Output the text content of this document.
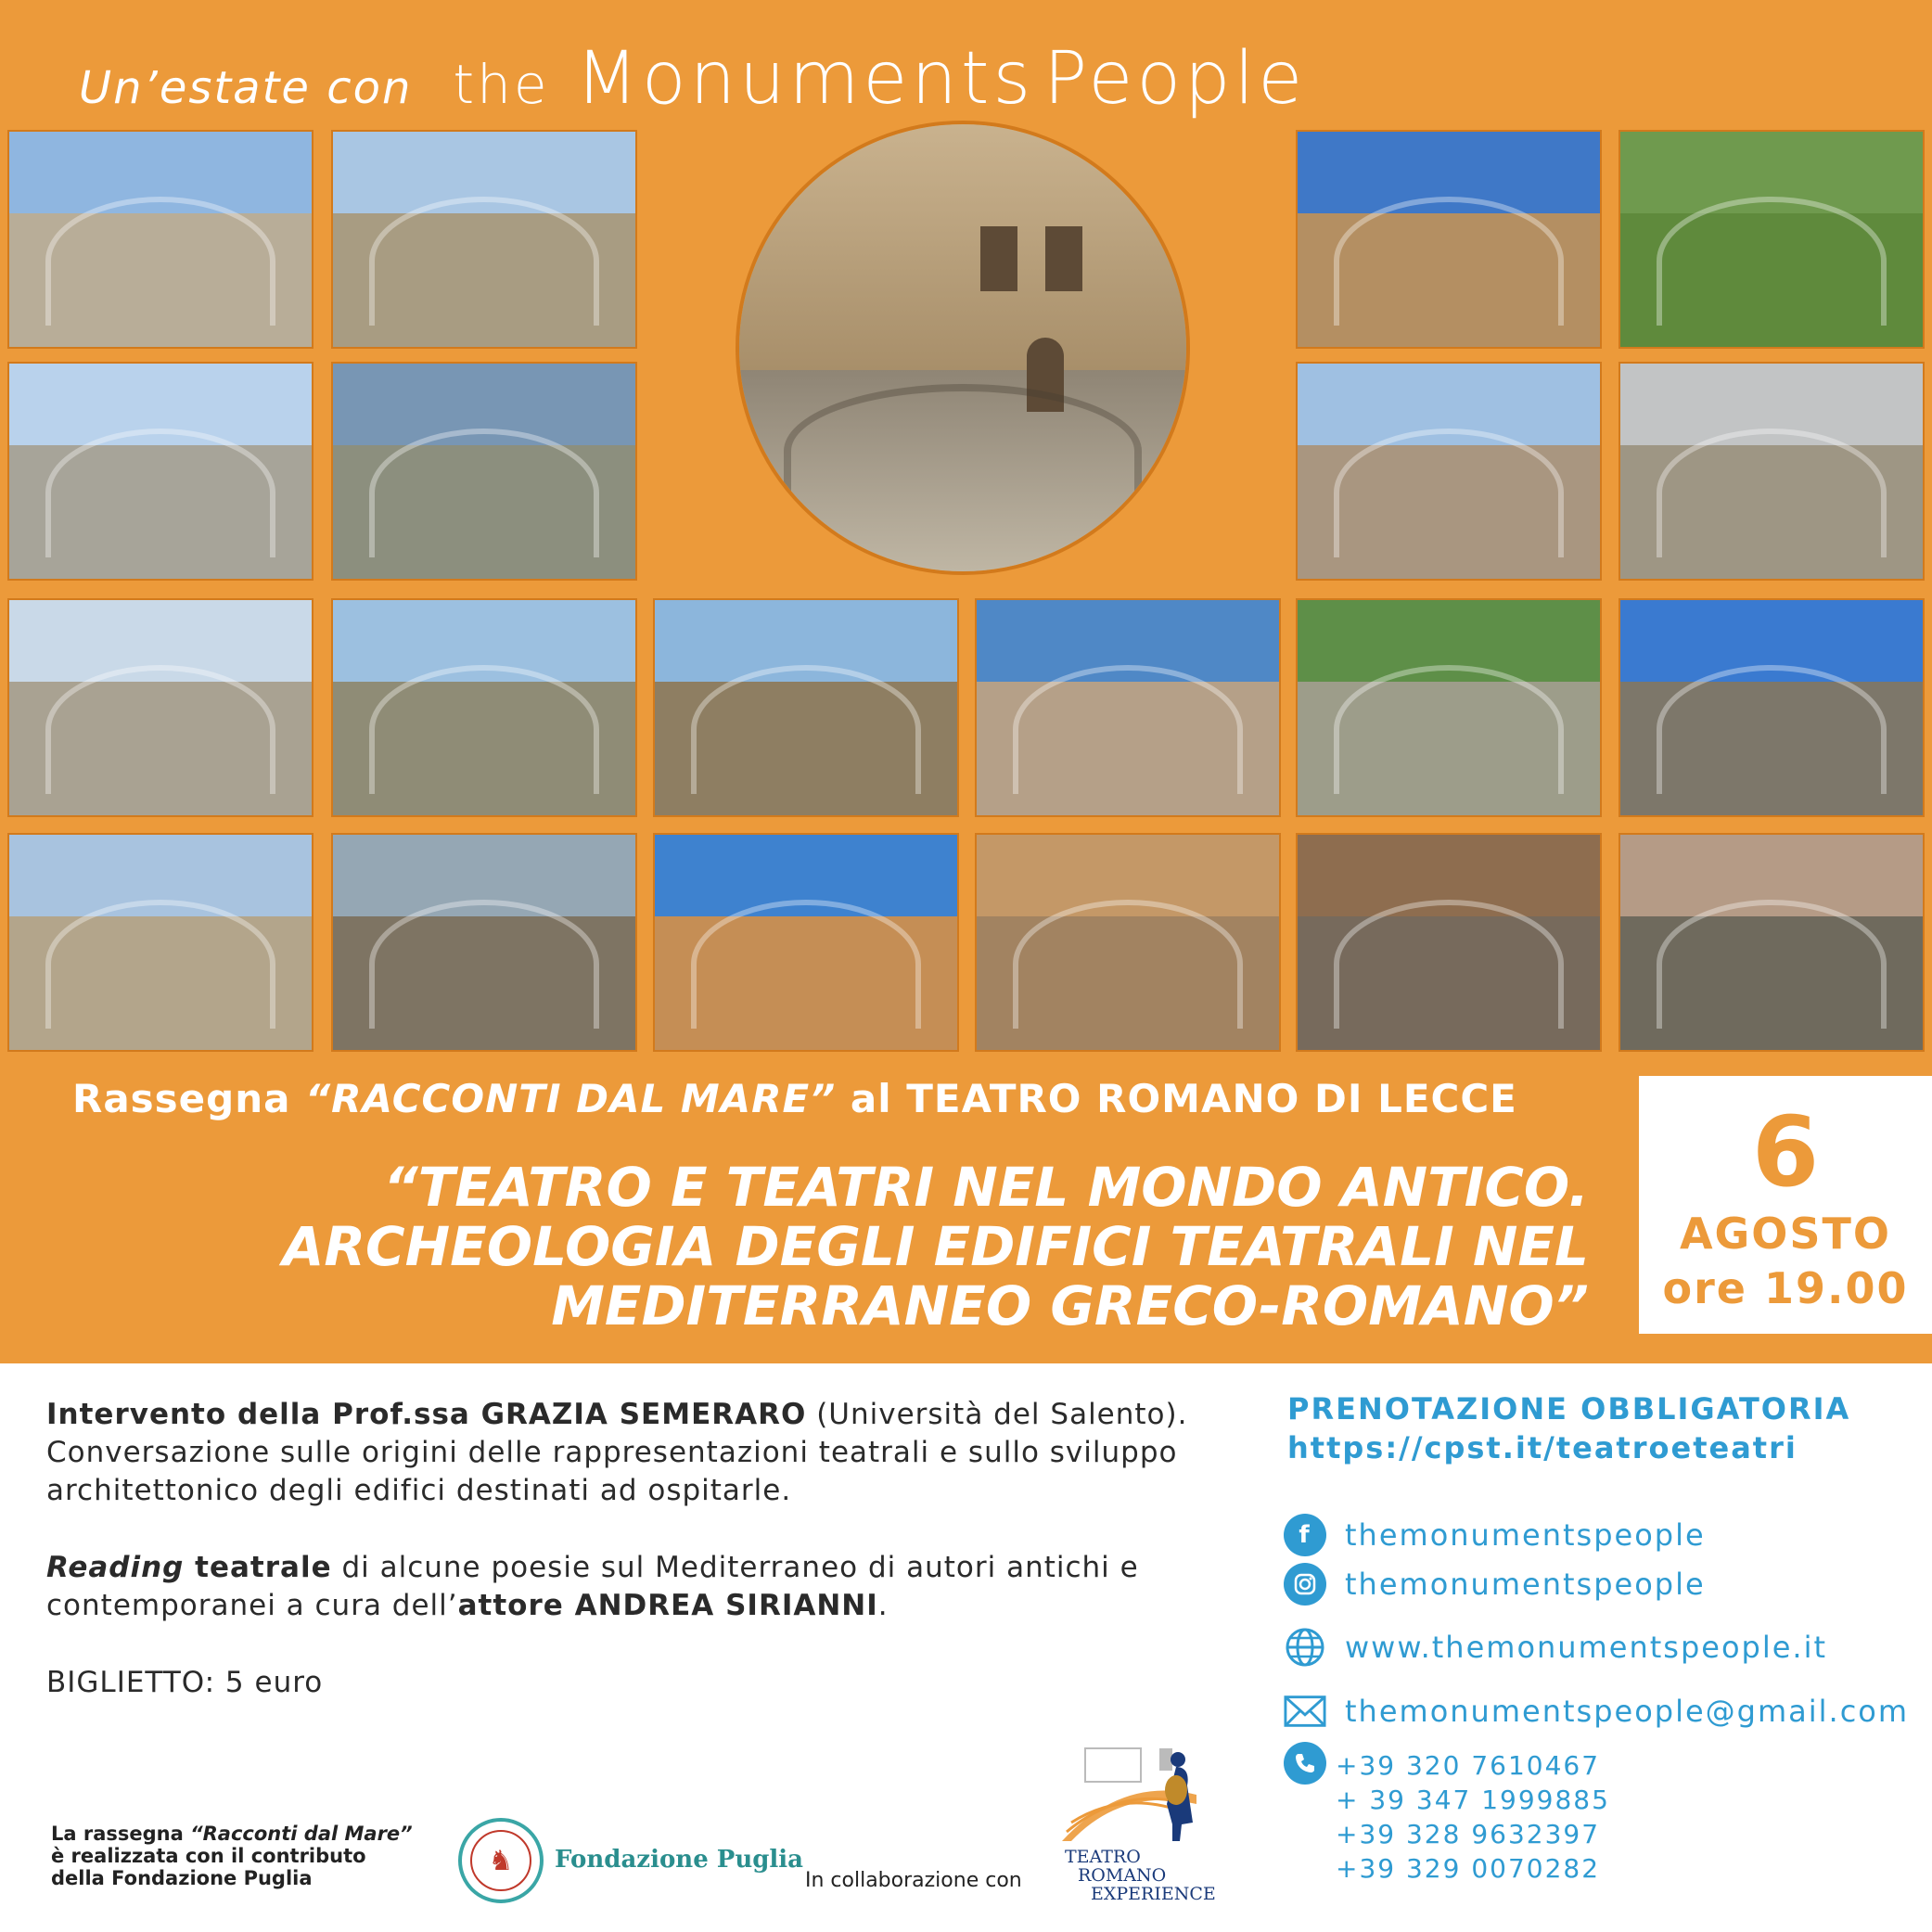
Un’estate con the Monuments People
Rassegna “RACCONTI DAL MARE” al TEATRO ROMANO DI LECCE
“TEATRO E TEATRI NEL MONDO ANTICO.
ARCHEOLOGIA DEGLI EDIFICI TEATRALI NEL
MEDITERRANEO GRECO-ROMANO”
6
AGOSTO
ore 19.00

Intervento della Prof.ssa GRAZIA SEMERARO (Università del Salento).
Conversazione sulle origini delle rappresentazioni teatrali e sullo sviluppo architettonico degli edifici destinati ad ospitarle.

Reading teatrale di alcune poesie sul Mediterraneo di autori antichi e contemporanei a cura dell’attore ANDREA SIRIANNI.

BIGLIETTO: 5 euro

PRENOTAZIONE OBBLIGATORIA
https://cpst.it/teatroeteatri
f	themonumentspeople
themonumentspeople
www.themonumentspeople.it
themonumentspeople@gmail.com
+39 320 7610467
+ 39 347 1999885
+39 328 9632397
+39 329 0070282
La rassegna “Racconti dal Mare”
è realizzata con il contributo
della Fondazione Puglia
♞	Fondazione Puglia
In collaborazione con
TEATRO
ROMANO
EXPERIENCE
